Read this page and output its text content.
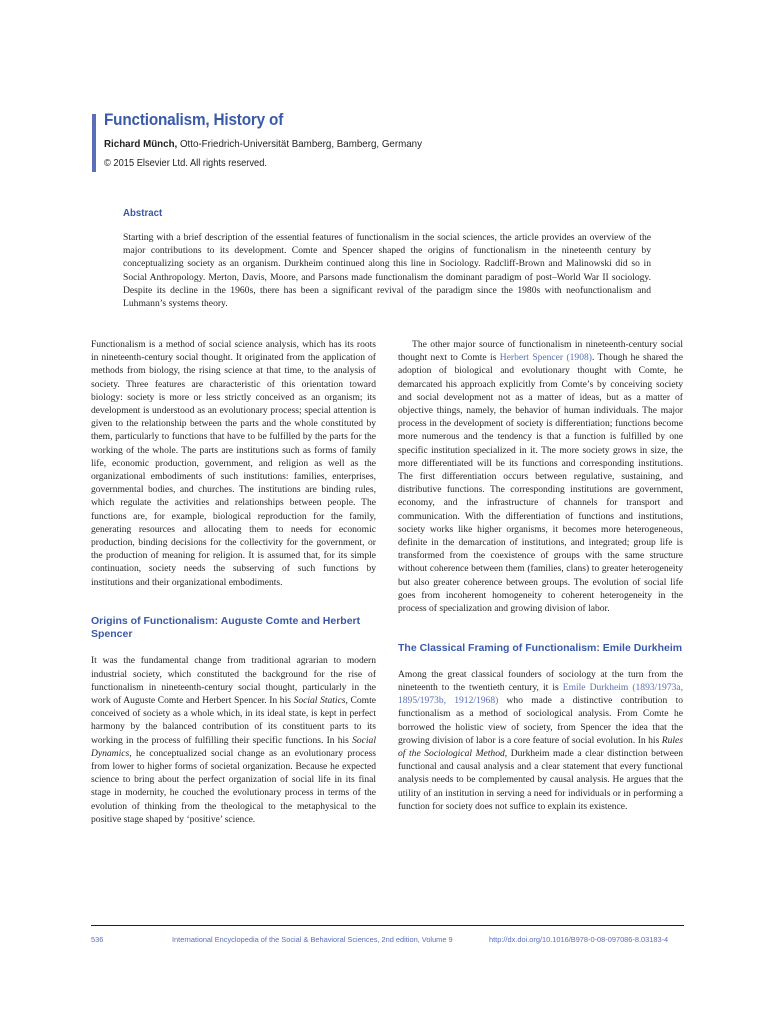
Functionalism, History of
Richard Münch, Otto-Friedrich-Universität Bamberg, Bamberg, Germany
© 2015 Elsevier Ltd. All rights reserved.
Abstract

Starting with a brief description of the essential features of functionalism in the social sciences, the article provides an overview of the major contributions to its development. Comte and Spencer shaped the origins of functionalism in the nineteenth century by conceptualizing society as an organism. Durkheim continued along this line in Sociology. Radcliff-Brown and Malinowski did so in Social Anthropology. Merton, Davis, Moore, and Parsons made functionalism the dominant paradigm of post–World War II sociology. Despite its decline in the 1960s, there has been a significant revival of the paradigm since the 1980s with neofunctionalism and Luhmann’s systems theory.

Functionalism is a method of social science analysis, which has its roots in nineteenth-century social thought. It originated from the application of methods from biology, the rising science at that time, to the analysis of society. Three features are characteristic of this orientation toward biology: society is more or less strictly conceived as an organism; its development is understood as an evolutionary process; special attention is given to the relationship between the parts and the whole constituted by them, particularly to functions that have to be fulfilled by the parts for the working of the whole. The parts are institutions such as forms of family life, economic production, government, and religion as well as the organizational embodiments of such institutions: families, enterprises, governmental bodies, and churches. The institutions are binding rules, which regulate the activities and relationships between people. The functions are, for example, biological reproduction for the family, generating resources and allocating them to needs for economic production, binding decisions for the collectivity for the government, or the production of meaning for religion. It is assumed that, for its simple continuation, society needs the subserving of such functions by institutions and their organizational embodiments.

Origins of Functionalism: Auguste Comte and Herbert Spencer

It was the fundamental change from traditional agrarian to modern industrial society, which constituted the background for the rise of functionalism in nineteenth-century social thought, particularly in the work of Auguste Comte and Herbert Spencer. In his Social Statics, Comte conceived of society as a whole which, in its ideal state, is kept in perfect harmony by the balanced contribution of its constituent parts to its working in the process of fulfilling their specific functions. In his Social Dynamics, he conceptualized social change as an evolutionary process from lower to higher forms of societal organization. Because he expected science to bring about the perfect organization of social life in its final stage in modernity, he couched the evolutionary process in terms of the evolution of thinking from the theological to the metaphysical to the positive stage shaped by ‘positive’ science.

The other major source of functionalism in nineteenth-century social thought next to Comte is Herbert Spencer (1908). Though he shared the adoption of biological and evolutionary thought with Comte, he demarcated his approach explicitly from Comte’s by conceiving society and social development not as a matter of ideas, but as a matter of objective things, namely, the behavior of human individuals. The major process in the development of society is differentiation; functions become more numerous and the tendency is that a function is fulfilled by one specific institution specialized in it. The more society grows in size, the more differentiated will be its functions and corresponding institutions. The first differentiation occurs between regulative, sustaining, and distributive functions. The corresponding institutions are government, economy, and the infrastructure of channels for transport and communication. With the differentiation of functions and institutions, society works like higher organisms, it becomes more heterogeneous, definite in the demarcation of institutions, and integrated; group life is transformed from the coexistence of groups with the same structure without coherence between them (families, clans) to greater heterogeneity but also greater coherence between groups. The evolution of social life goes from incoherent homogeneity to coherent heterogeneity in the process of specialization and growing division of labor.

The Classical Framing of Functionalism: Emile Durkheim

Among the great classical founders of sociology at the turn from the nineteenth to the twentieth century, it is Emile Durkheim (1893/1973a, 1895/1973b, 1912/1968) who made a distinctive contribution to functionalism as a method of sociological analysis. From Comte he borrowed the holistic view of society, from Spencer the idea that the growing division of labor is a core feature of social evolution. In his Rules of the Sociological Method, Durkheim made a clear distinction between functional and causal analysis and a clear statement that every functional analysis needs to be complemented by causal analysis. He argues that the utility of an institution in serving a need for individuals or in performing a function for society does not suffice to explain its existence.

536	International Encyclopedia of the Social & Behavioral Sciences, 2nd edition, Volume 9	http://dx.doi.org/10.1016/B978-0-08-097086-8.03183-4
